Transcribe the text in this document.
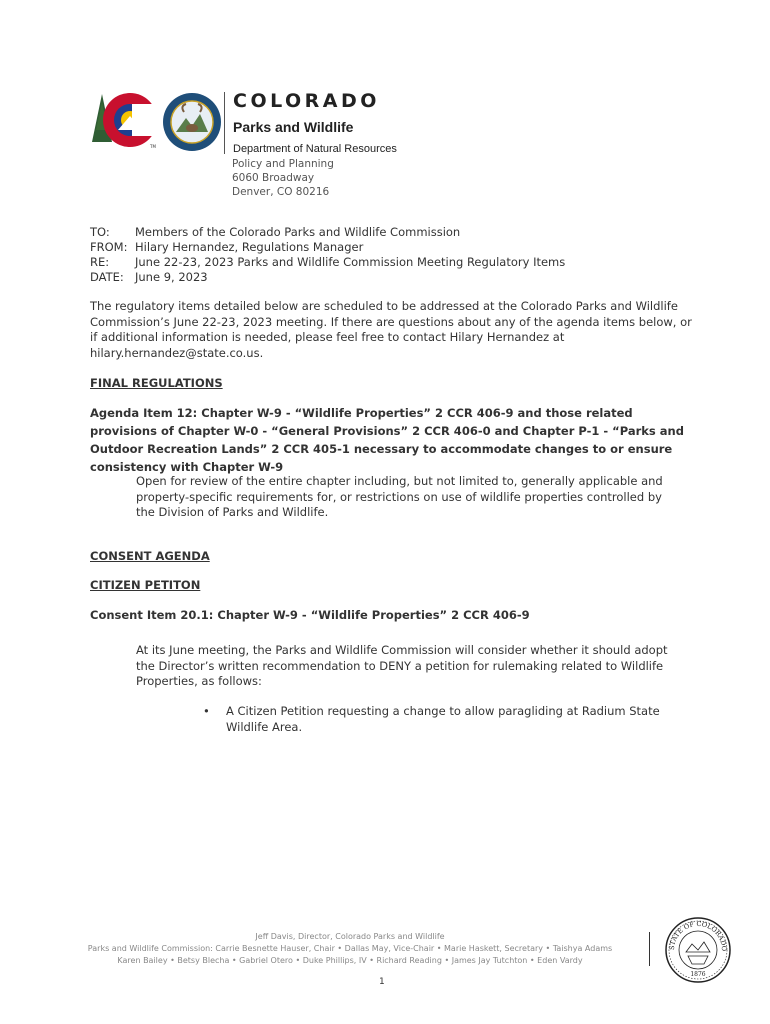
TM
COLORADO
Parks and Wildlife
Department of Natural Resources
Policy and Planning
6060 Broadway
Denver, CO 80216
TO: Members of the Colorado Parks and Wildlife Commission
FROM: Hilary Hernandez, Regulations Manager
RE: June 22-23, 2023 Parks and Wildlife Commission Meeting Regulatory Items
DATE: June 9, 2023
The regulatory items detailed below are scheduled to be addressed at the Colorado Parks and Wildlife Commission’s June 22-23, 2023 meeting. If there are questions about any of the agenda items below, or if additional information is needed, please feel free to contact Hilary Hernandez at hilary.hernandez@state.co.us.
FINAL REGULATIONS
Agenda Item 12: Chapter W-9 - “Wildlife Properties” 2 CCR 406-9 and those related provisions of Chapter W-0 - “General Provisions” 2 CCR 406-0 and Chapter P-1 - “Parks and Outdoor Recreation Lands” 2 CCR 405-1 necessary to accommodate changes to or ensure consistency with Chapter W-9
Open for review of the entire chapter including, but not limited to, generally applicable and property-specific requirements for, or restrictions on use of wildlife properties controlled by the Division of Parks and Wildlife.
CONSENT AGENDA
CITIZEN PETITON
Consent Item 20.1: Chapter W-9 - “Wildlife Properties” 2 CCR 406-9
At its June meeting, the Parks and Wildlife Commission will consider whether it should adopt the Director’s written recommendation to DENY a petition for rulemaking related to Wildlife Properties, as follows:
• A Citizen Petition requesting a change to allow paragliding at Radium State Wildlife Area.
Jeff Davis, Director, Colorado Parks and Wildlife
Parks and Wildlife Commission: Carrie Besnette Hauser, Chair • Dallas May, Vice-Chair • Marie Haskett, Secretary • Taishya Adams
Karen Bailey • Betsy Blecha • Gabriel Otero • Duke Phillips, IV • Richard Reading • James Jay Tutchton • Eden Vardy
STATE OF COLORADO
1876
1
